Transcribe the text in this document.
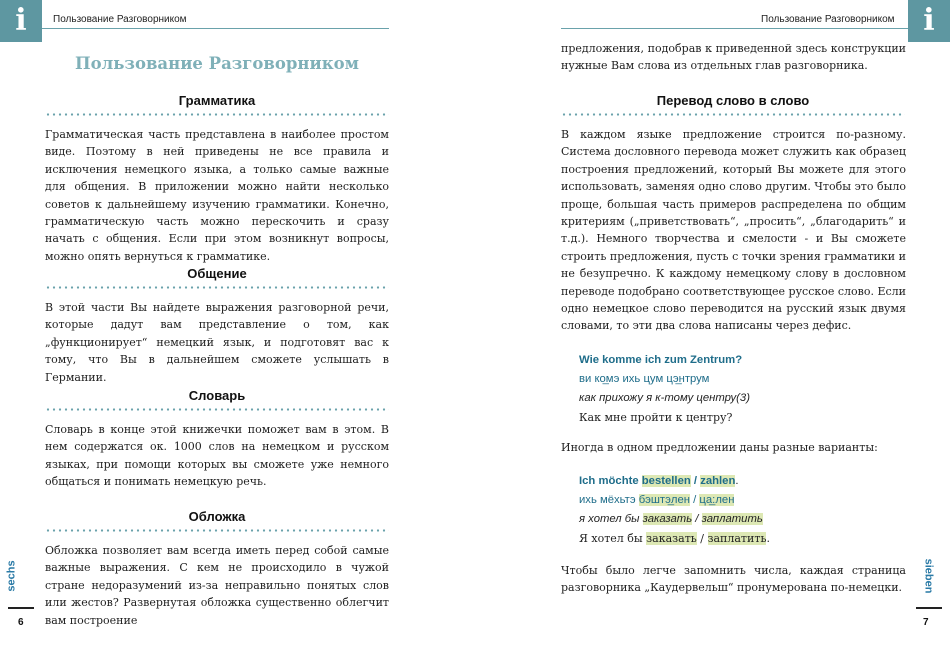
i	Пользование Разговорником
Пользование Разговорником
Грамматика
Грамматическая часть представлена в наиболее простом виде. Поэтому в ней приведены не все правила и исключения немецкого языка, а только самые важные для общения. В приложении можно найти несколько советов к дальнейшему изучению грамматики. Конечно, грамматическую часть можно перескочить и сразу начать с общения. Если при этом возникнут вопросы, можно опять вернуться к грамматике.
Общение
В этой части Вы найдете выражения разговорной речи, которые дадут вам представление о том, как „функционирует“ немецкий язык, и подготовят вас к тому, что Вы в дальнейшем сможете услышать в Германии.
Словарь
Словарь в конце этой книжечки поможет вам в этом. В нем содержатся ок. 1000 слов на немецком и русском языках, при помощи которых вы сможете уже немного общаться и понимать немецкую речь.
Обложка
Обложка позволяет вам всегда иметь перед собой самые важные выражения. С кем не происходило в чужой стране недоразумений из-за неправильно понятых слов или жестов? Развернутая обложка существенно облегчит вам построение
sechs
6
i
Пользование Разговорником
предложения, подобрав к приведенной здесь конструкции нужные Вам слова из отдельных глав разговорника.
Перевод слово в слово
В каждом языке предложение строится по-разному. Система дословного перевода может служить как образец построения предложений, который Вы можете для этого использовать, заменяя одно слово другим. Чтобы это было проще, большая часть примеров распределена по общим критериям („приветствовать“, „просить“, „благодарить“ и т.д.). Немного творчества и смелости - и Вы сможете строить предложения, пусть с точки зрения грамматики и не безупречно. К каждому немецкому слову в дословном переводе подобрано соответствующее русское слово. Если одно немецкое слово переводится на русский язык двумя словами, то эти два слова написаны через дефис.
Wie komme ich zum Zentrum?
ви ко̲мэ ихь цум цэ̲нтрум
как прихожу я к-тому центру(3)
Как мне пройти к центру?
Иногда в одном предложении даны разные варианты:
Ich möchte bestellen / zahlen.
ихь мёхьтэ бэштэ̲лен / ца̲:лен
я хотел бы заказать / заплатить
Я хотел бы заказать / заплатить.
Чтобы было легче запомнить числа, каждая страница разговорника „Каудервельш“ пронумерована по-немецки.	sieben
7
